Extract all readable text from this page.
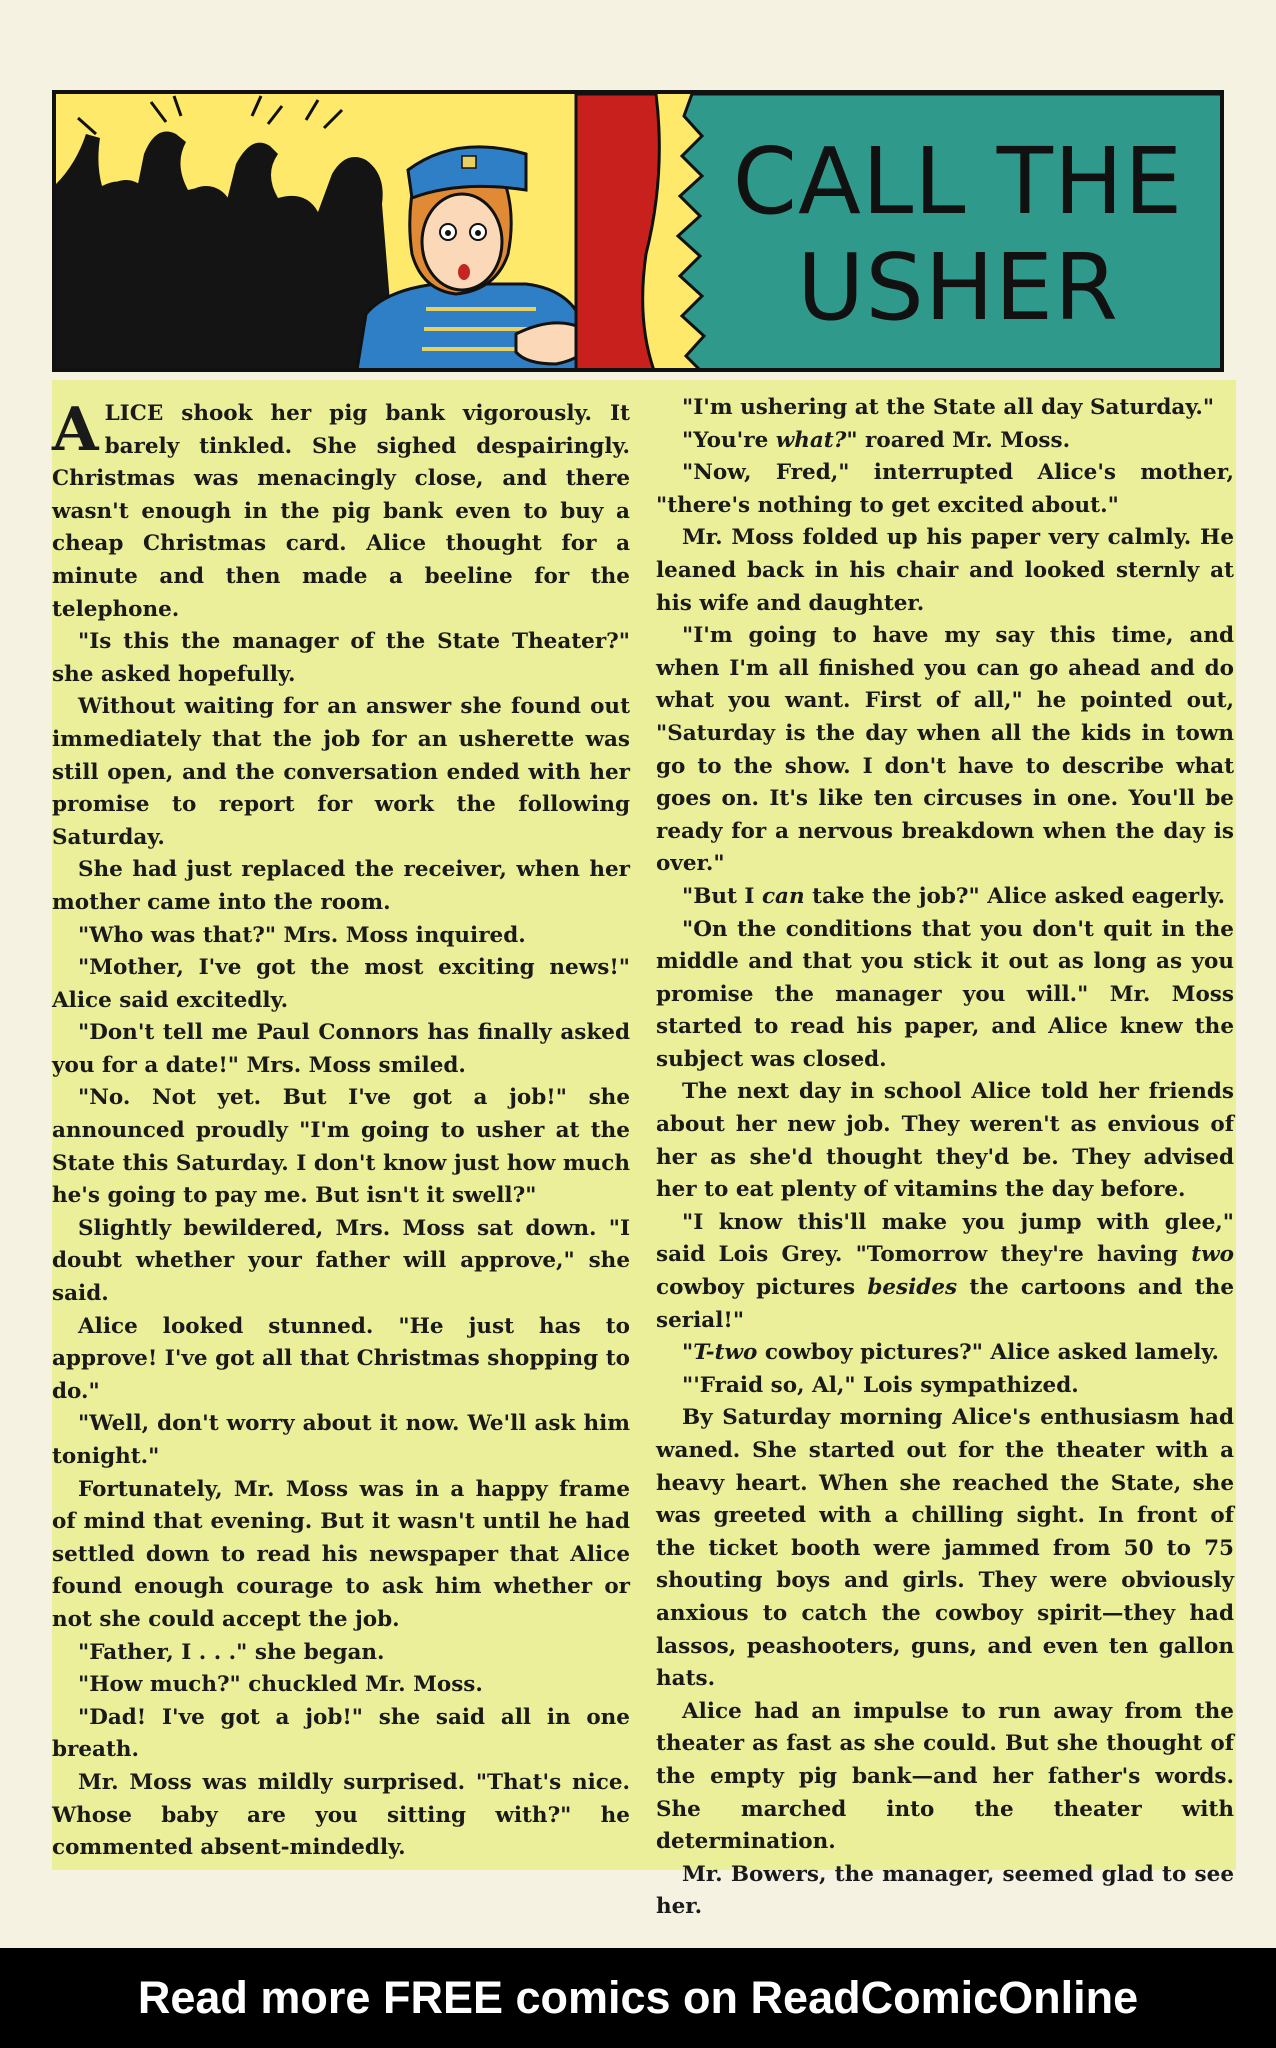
CALL THE
USHER

ALICE shook her pig bank vigorously. It barely tinkled. She sighed despairingly. Christmas was menacingly close, and there wasn't enough in the pig bank even to buy a cheap Christmas card. Alice thought for a minute and then made a beeline for the telephone.

"Is this the manager of the State Theater?" she asked hopefully.

Without waiting for an answer she found out immediately that the job for an usherette was still open, and the conversation ended with her promise to report for work the following Saturday.

She had just replaced the receiver, when her mother came into the room.

"Who was that?" Mrs. Moss inquired.

"Mother, I've got the most exciting news!" Alice said excitedly.

"Don't tell me Paul Connors has finally asked you for a date!" Mrs. Moss smiled.

"No. Not yet. But I've got a job!" she announced proudly "I'm going to usher at the State this Saturday. I don't know just how much he's going to pay me. But isn't it swell?"

Slightly bewildered, Mrs. Moss sat down. "I doubt whether your father will approve," she said.

Alice looked stunned. "He just has to approve! I've got all that Christmas shopping to do."

"Well, don't worry about it now. We'll ask him tonight."

Fortunately, Mr. Moss was in a happy frame of mind that evening. But it wasn't until he had settled down to read his newspaper that Alice found enough courage to ask him whether or not she could accept the job.

"Father, I . . ." she began.

"How much?" chuckled Mr. Moss.

"Dad! I've got a job!" she said all in one breath.

Mr. Moss was mildly surprised. "That's nice. Whose baby are you sitting with?" he commented absent-mindedly.

"I'm ushering at the State all day Saturday."

"You're what?" roared Mr. Moss.

"Now, Fred," interrupted Alice's mother, "there's nothing to get excited about."

Mr. Moss folded up his paper very calmly. He leaned back in his chair and looked sternly at his wife and daughter.

"I'm going to have my say this time, and when I'm all finished you can go ahead and do what you want. First of all," he pointed out, "Saturday is the day when all the kids in town go to the show. I don't have to describe what goes on. It's like ten circuses in one. You'll be ready for a nervous breakdown when the day is over."

"But I can take the job?" Alice asked eagerly.

"On the conditions that you don't quit in the middle and that you stick it out as long as you promise the manager you will." Mr. Moss started to read his paper, and Alice knew the subject was closed.

The next day in school Alice told her friends about her new job. They weren't as envious of her as she'd thought they'd be. They advised her to eat plenty of vitamins the day before.

"I know this'll make you jump with glee," said Lois Grey. "Tomorrow they're having two cowboy pictures besides the cartoons and the serial!"

"T-two cowboy pictures?" Alice asked lamely.

"'Fraid so, Al," Lois sympathized.

By Saturday morning Alice's enthusiasm had waned. She started out for the theater with a heavy heart. When she reached the State, she was greeted with a chilling sight. In front of the ticket booth were jammed from 50 to 75 shouting boys and girls. They were obviously anxious to catch the cowboy spirit—they had lassos, peashooters, guns, and even ten gallon hats.

Alice had an impulse to run away from the theater as fast as she could. But she thought of the empty pig bank—and her father's words. She marched into the theater with determination.

Mr. Bowers, the manager, seemed glad to see her.

Read more FREE comics on ReadComicOnline
